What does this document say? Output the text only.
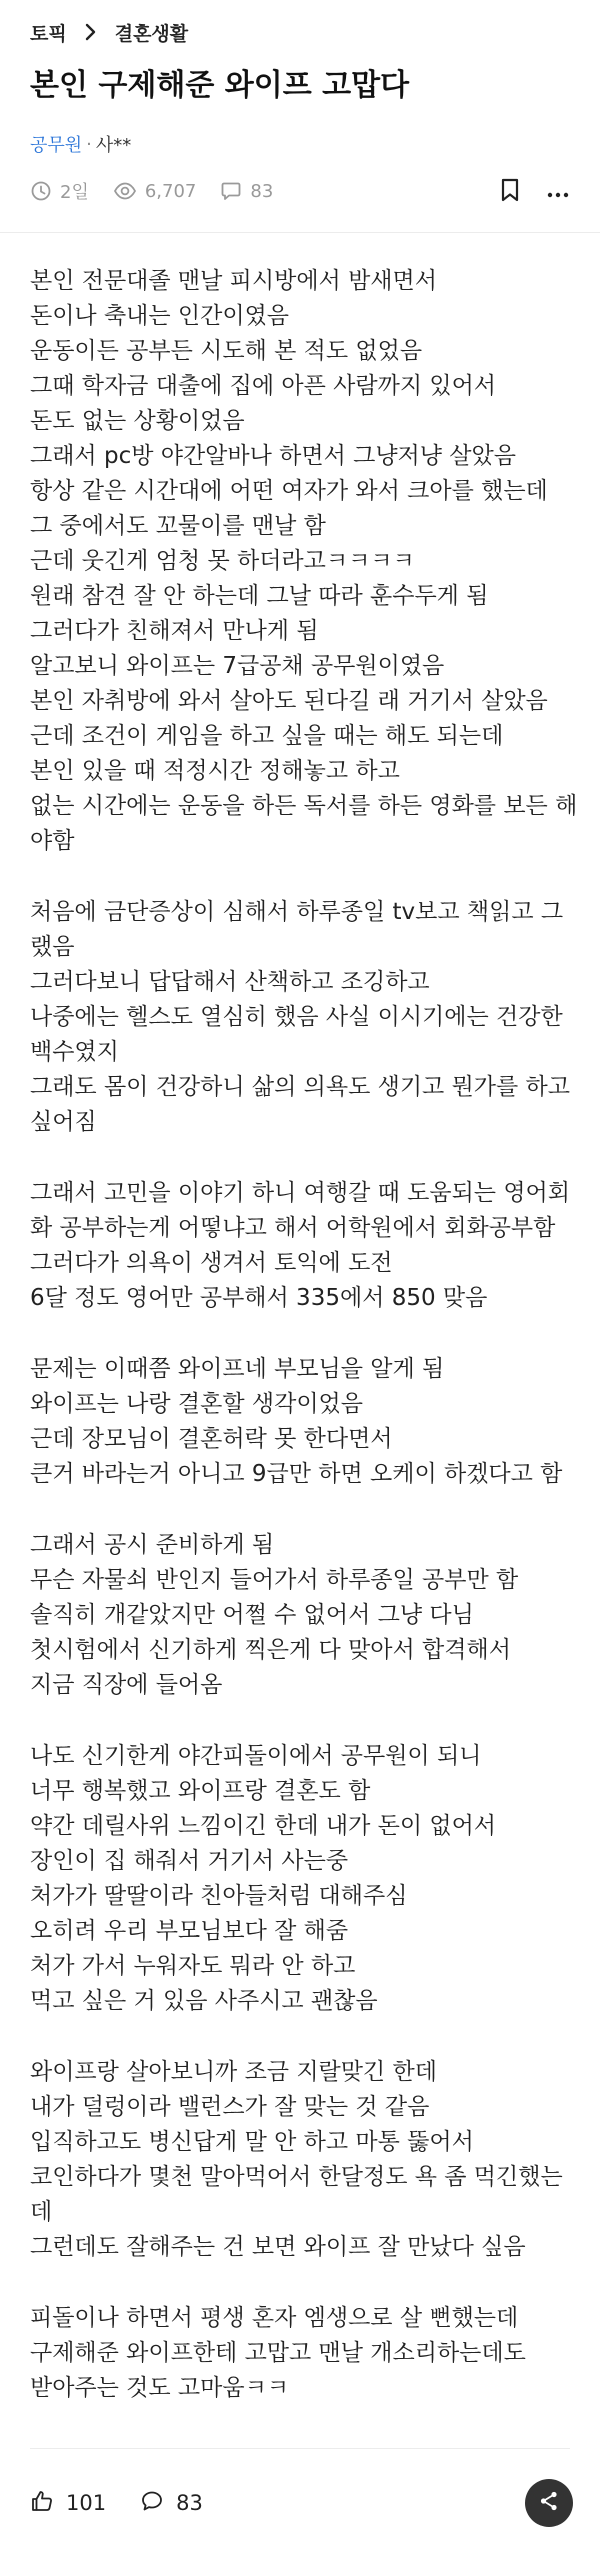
토픽	결혼생활
본인 구제해준 와이프 고맙다
공무원 · 사**
2일	6,707	83
본인 전문대졸 맨날 피시방에서 밤새면서
돈이나 축내는 인간이였음
운동이든 공부든 시도해 본 적도 없었음
그때 학자금 대출에 집에 아픈 사람까지 있어서
돈도 없는 상황이었음
그래서 pc방 야간알바나 하면서 그냥저냥 살았음
항상 같은 시간대에 어떤 여자가 와서 크아를 했는데
그 중에서도 꼬물이를 맨날 함
근데 웃긴게 엄청 못 하더라고ㅋㅋㅋㅋ
원래 참견 잘 안 하는데 그날 따라 훈수두게 됨
그러다가 친해져서 만나게 됨
알고보니 와이프는 7급공채 공무원이였음
본인 자취방에 와서 살아도 된다길 래 거기서 살았음
근데 조건이 게임을 하고 싶을 때는 해도 되는데
본인 있을 때 적정시간 정해놓고 하고
없는 시간에는 운동을 하든 독서를 하든 영화를 보든 해
야함
처음에 금단증상이 심해서 하루종일 tv보고 책읽고 그
랬음
그러다보니 답답해서 산책하고 조깅하고
나중에는 헬스도 열심히 했음 사실 이시기에는 건강한
백수였지
그래도 몸이 건강하니 삶의 의욕도 생기고 뭔가를 하고
싶어짐
그래서 고민을 이야기 하니 여행갈 때 도움되는 영어회
화 공부하는게 어떻냐고 해서 어학원에서 회화공부함
그러다가 의욕이 생겨서 토익에 도전
6달 정도 영어만 공부해서 335에서 850 맞음
문제는 이때쯤 와이프네 부모님을 알게 됨
와이프는 나랑 결혼할 생각이었음
근데 장모님이 결혼허락 못 한다면서
큰거 바라는거 아니고 9급만 하면 오케이 하겠다고 함
그래서 공시 준비하게 됨
무슨 자물쇠 반인지 들어가서 하루종일 공부만 함
솔직히 개같았지만 어쩔 수 없어서 그냥 다님
첫시험에서 신기하게 찍은게 다 맞아서 합격해서
지금 직장에 들어옴
나도 신기한게 야간피돌이에서 공무원이 되니
너무 행복했고 와이프랑 결혼도 함
약간 데릴사위 느낌이긴 한데 내가 돈이 없어서
장인이 집 해줘서 거기서 사는중
처가가 딸딸이라 친아들처럼 대해주심
오히려 우리 부모님보다 잘 해줌
처가 가서 누워자도 뭐라 안 하고
먹고 싶은 거 있음 사주시고 괜찮음
와이프랑 살아보니까 조금 지랄맞긴 한데
내가 덜렁이라 밸런스가 잘 맞는 것 같음
입직하고도 병신답게 말 안 하고 마통 뚫어서
코인하다가 몇천 말아먹어서 한달정도 욕 좀 먹긴했는
데
그런데도 잘해주는 건 보면 와이프 잘 만났다 싶음
피돌이나 하면서 평생 혼자 엠생으로 살 뻔했는데
구제해준 와이프한테 고맙고 맨날 개소리하는데도
받아주는 것도 고마움ㅋㅋ
101	83
